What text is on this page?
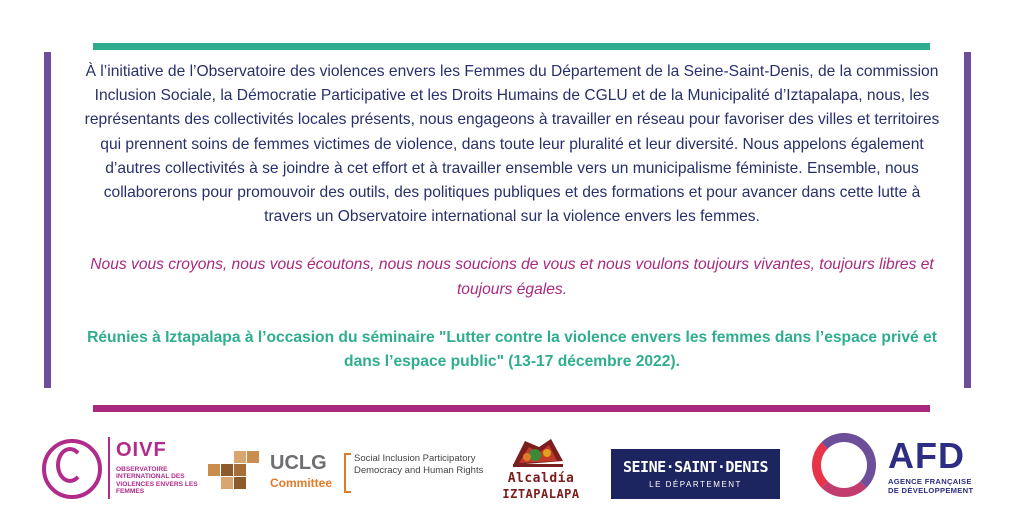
À l’initiative de l’Observatoire des violences envers les Femmes du Département de la Seine-Saint-Denis, de la commission Inclusion Sociale, la Démocratie Participative et les Droits Humains de CGLU et de la Municipalité d’Iztapalapa, nous, les représentants des collectivités locales présents, nous engageons à travailler en réseau pour favoriser des villes et territoires qui prennent soins de femmes victimes de violence, dans toute leur pluralité et leur diversité. Nous appelons également d’autres collectivités à se joindre à cet effort et à travailler ensemble vers un municipalisme féministe. Ensemble, nous collaborerons pour promouvoir des outils, des politiques publiques et des formations et pour avancer dans cette lutte à travers un Observatoire international sur la violence envers les femmes.

Nous vous croyons, nous vous écoutons, nous nous soucions de vous et nous voulons toujours vivantes, toujours libres et toujours égales.

Réunies à Iztapalapa à l’occasion du séminaire "Lutter contre la violence envers les femmes dans l’espace privé et dans l’espace public" (13-17 décembre 2022).

OIVF
OBSERVATOIRE INTERNATIONAL DES VIOLENCES ENVERS LES FEMMES
UCLG
Committee
Social Inclusion Participatory Democracy and Human Rights
Alcaldía
IZTAPALAPA
SEINE·SAINT·DENIS
LE DÉPARTEMENT
AFD
AGENCE FRANÇAISE DE DÉVELOPPEMENT
